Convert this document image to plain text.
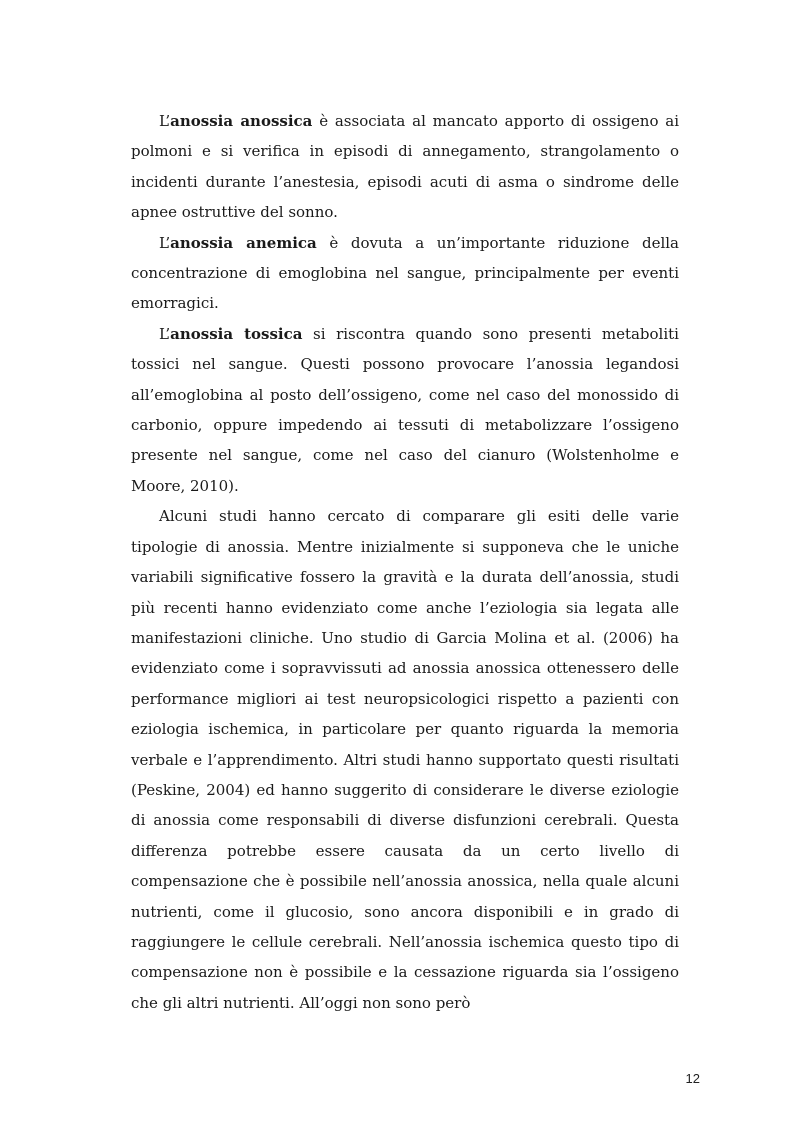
L’anossia anossica è associata al mancato apporto di ossigeno ai polmoni e si verifica in episodi di annegamento, strangolamento o incidenti durante l’anestesia, episodi acuti di asma o sindrome delle apnee ostruttive del sonno.

L’anossia anemica è dovuta a un’importante riduzione della concentrazione di emoglobina nel sangue, principalmente per eventi emorragici.

L’anossia tossica si riscontra quando sono presenti metaboliti tossici nel sangue. Questi possono provocare l’anossia legandosi all’emoglobina al posto dell’ossigeno, come nel caso del monossido di carbonio, oppure impedendo ai tessuti di metabolizzare l’ossigeno presente nel sangue, come nel caso del cianuro (Wolstenholme e Moore, 2010).

Alcuni studi hanno cercato di comparare gli esiti delle varie tipologie di anossia. Mentre inizialmente si supponeva che le uniche variabili significative fossero la gravità e la durata dell’anossia, studi più recenti hanno evidenziato come anche l’eziologia sia legata alle manifestazioni cliniche. Uno studio di Garcia Molina et al. (2006) ha evidenziato come i sopravvissuti ad anossia anossica ottenessero delle performance migliori ai test neuropsicologici rispetto a pazienti con eziologia ischemica, in particolare per quanto riguarda la memoria verbale e l’apprendimento. Altri studi hanno supportato questi risultati (Peskine, 2004) ed hanno suggerito di considerare le diverse eziologie di anossia come responsabili di diverse disfunzioni cerebrali. Questa differenza potrebbe essere causata da un certo livello di compensazione che è possibile nell’anossia anossica, nella quale alcuni nutrienti, come il glucosio, sono ancora disponibili e in grado di raggiungere le cellule cerebrali. Nell’anossia ischemica questo tipo di compensazione non è possibile e la cessazione riguarda sia l’ossigeno che gli altri nutrienti. All’oggi non sono però

12
